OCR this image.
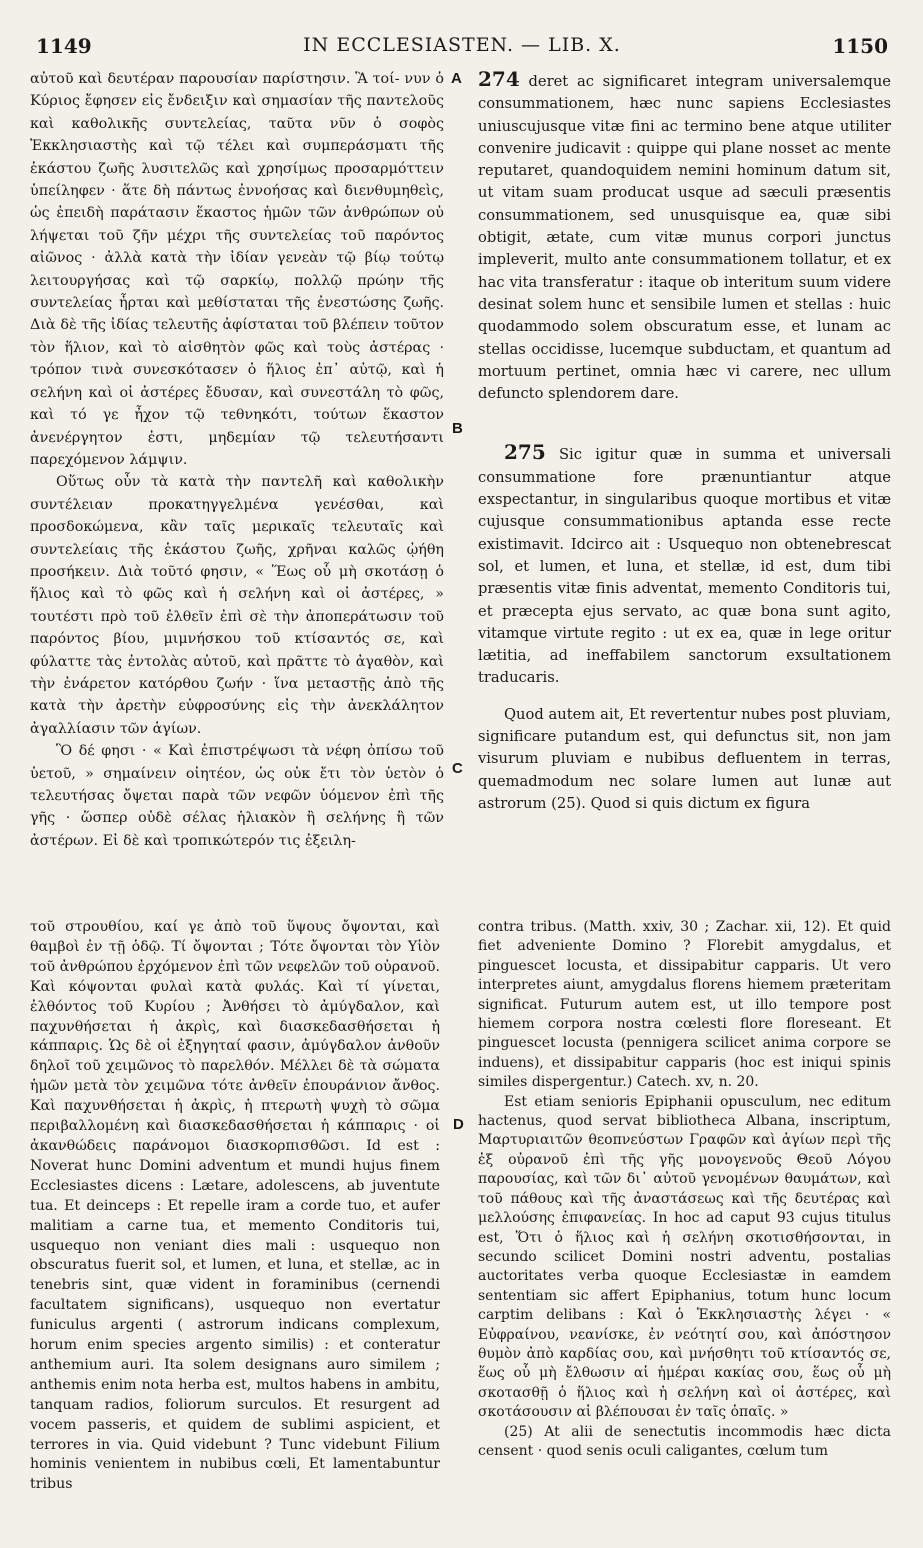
1149	IN ECCLESIASTEN. — LIB. X.	1150
A
B
C
D

αὐτοῦ καὶ δευτέραν παρουσίαν παρίστησιν. Ἃ τοί- νυν ὁ Κύριος ἔφησεν εἰς ἔνδειξιν καὶ σημασίαν τῆς παντελοῦς καὶ καθολικῆς συντελείας, ταῦτα νῦν ὁ σοφὸς Ἐκκλησιαστὴς καὶ τῷ τέλει καὶ συμπεράσματι τῆς ἑκάστου ζωῆς λυσιτελῶς καὶ χρησίμως προσαρμόττειν ὑπείληφεν · ἅτε δὴ πάντως ἐννοήσας καὶ διενθυμηθεὶς, ὡς ἐπειδὴ παράτασιν ἕκαστος ἡμῶν τῶν ἀνθρώπων οὐ λήψεται τοῦ ζῆν μέχρι τῆς συντελείας τοῦ παρόντος αἰῶνος · ἀλλὰ κατὰ τὴν ἰδίαν γενεὰν τῷ βίῳ τούτῳ λειτουργήσας καὶ τῷ σαρκίῳ, πολλῷ πρώην τῆς συντελείας ἦρται καὶ μεθίσταται τῆς ἐνεστώσης ζωῆς. Διὰ δὲ τῆς ἰδίας τελευτῆς ἀφίσταται τοῦ βλέπειν τοῦτον τὸν ἥλιον, καὶ τὸ αἰσθητὸν φῶς καὶ τοὺς ἀστέρας · τρόπον τινὰ συνεσκότασεν ὁ ἥλιος ἐπ᾽ αὐτῷ, καὶ ἡ σελήνη καὶ οἱ ἀστέρες ἔδυσαν, καὶ συνεστάλη τὸ φῶς, καὶ τό γε ἦχον τῷ τεθνηκότι, τούτων ἕκαστον ἀνενέργητον ἐστι, μηδεμίαν τῷ τελευτήσαντι παρεχόμενον λάμψιν.

Οὕτως οὖν τὰ κατὰ τὴν παντελῆ καὶ καθολικὴν συντέλειαν προκατηγγελμένα γενέσθαι, καὶ προσδοκώμενα, κἂν ταῖς μερικαῖς τελευταῖς καὶ συντελείαις τῆς ἑκάστου ζωῆς, χρῆναι καλῶς ᾠήθη προσήκειν. Διὰ τοῦτό φησιν, « Ἕως οὗ μὴ σκοτάσῃ ὁ ἥλιος καὶ τὸ φῶς καὶ ἡ σελήνη καὶ οἱ ἀστέρες, » τουτέστι πρὸ τοῦ ἐλθεῖν ἐπὶ σὲ τὴν ἀποπεράτωσιν τοῦ παρόντος βίου, μιμνήσκου τοῦ κτίσαντός σε, καὶ φύλαττε τὰς ἐντολὰς αὐτοῦ, καὶ πρᾶττε τὸ ἀγαθὸν, καὶ τὴν ἐνάρετον κατόρθου ζωήν · ἵνα μεταστῇς ἀπὸ τῆς κατὰ τὴν ἀρετὴν εὐφροσύνης εἰς τὴν ἀνεκλάλητον ἀγαλλίασιν τῶν ἁγίων.

Ὃ δέ φησι · « Καὶ ἐπιστρέψωσι τὰ νέφη ὀπίσω τοῦ ὑετοῦ, » σημαίνειν οἰητέον, ὡς οὐκ ἔτι τὸν ὑετὸν ὁ τελευτήσας ὄψεται παρὰ τῶν νεφῶν ὑόμενον ἐπὶ τῆς γῆς · ὥσπερ οὐδὲ σέλας ἡλιακὸν ἢ σελήνης ἢ τῶν ἀστέρων. Εἰ δὲ καὶ τροπικώτερόν τις ἐξειλη-

274 deret ac significaret integram universalemque consummationem, hæc nunc sapiens Ecclesiastes uniuscujusque vitæ fini ac termino bene atque utiliter convenire judicavit : quippe qui plane nosset ac mente reputaret, quandoquidem nemini hominum datum sit, ut vitam suam producat usque ad sæculi præsentis consummationem, sed unusquisque ea, quæ sibi obtigit, ætate, cum vitæ munus corpori junctus impleverit, multo ante consummationem tollatur, et ex hac vita transferatur : itaque ob interitum suum videre desinat solem hunc et sensibile lumen et stellas : huic quodammodo solem obscuratum esse, et lunam ac stellas occidisse, lucemque subductam, et quantum ad mortuum pertinet, omnia hæc vi carere, nec ullum defuncto splendorem dare.

275 Sic igitur quæ in summa et universali consummatione fore prænuntiantur atque exspectantur, in singularibus quoque mortibus et vitæ cujusque consummationibus aptanda esse recte existimavit. Idcirco ait : Usquequo non obtenebrescat sol, et lumen, et luna, et stellæ, id est, dum tibi præsentis vitæ finis adventat, memento Conditoris tui, et præcepta ejus servato, ac quæ bona sunt agito, vitamque virtute regito : ut ex ea, quæ in lege oritur lætitia, ad ineffabilem sanctorum exsultationem traducaris.

Quod autem ait, Et revertentur nubes post pluviam, significare putandum est, qui defunctus sit, non jam visurum pluviam e nubibus defluentem in terras, quemadmodum nec solare lumen aut lunæ aut astrorum (25). Quod si quis dictum ex figura

τοῦ στρουθίου, καί γε ἀπὸ τοῦ ὕψους ὄψονται, καὶ θαμβοὶ ἐν τῇ ὁδῷ. Τί ὄψονται ; Τότε ὄψονται τὸν Υἱὸν τοῦ ἀνθρώπου ἐρχόμενον ἐπὶ τῶν νεφελῶν τοῦ οὐρανοῦ. Καὶ κόψονται φυλαὶ κατὰ φυλάς. Καὶ τί γίνεται, ἐλθόντος τοῦ Κυρίου ; Ἀνθήσει τὸ ἀμύγδαλον, καὶ παχυνθήσεται ἡ ἀκρὶς, καὶ διασκεδασθήσεται ἡ κάππαρις. Ὡς δὲ οἱ ἐξηγηταί φασιν, ἀμύγδαλον ἀνθοῦν δηλοῖ τοῦ χειμῶνος τὸ παρελθόν. Μέλλει δὲ τὰ σώματα ἡμῶν μετὰ τὸν χειμῶνα τότε ἀνθεῖν ἐπουράνιον ἄνθος. Καὶ παχυνθήσεται ἡ ἀκρὶς, ἡ πτερωτὴ ψυχὴ τὸ σῶμα περιβαλλομένη καὶ διασκεδασθήσεται ἡ κάππαρις · οἱ ἀκανθώδεις παράνομοι διασκορπισθῶσι. Id est : Noverat hunc Domini adventum et mundi hujus finem Ecclesiastes dicens : Lætare, adolescens, ab juventute tua. Et deinceps : Et repelle iram a corde tuo, et aufer malitiam a carne tua, et memento Conditoris tui, usquequo non veniant dies mali : usquequo non obscuratus fuerit sol, et lumen, et luna, et stellæ, ac in tenebris sint, quæ vident in foraminibus (cernendi facultatem significans), usquequo non evertatur funiculus argenti ( astrorum indicans complexum, horum enim species argento similis) : et conteratur anthemium auri. Ita solem designans auro similem ; anthemis enim nota herba est, multos habens in ambitu, tanquam radios, foliorum surculos. Et resurgent ad vocem passeris, et quidem de sublimi aspicient, et terrores in via. Quid videbunt ? Tunc videbunt Filium hominis venientem in nubibus cœli, Et lamentabuntur tribus

contra tribus. (Matth. xxiv, 30 ; Zachar. xii, 12). Et quid fiet adveniente Domino ? Florebit amygdalus, et pinguescet locusta, et dissipabitur capparis. Ut vero interpretes aiunt, amygdalus florens hiemem præteritam significat. Futurum autem est, ut illo tempore post hiemem corpora nostra cœlesti flore floreseant. Et pinguescet locusta (pennigera scilicet anima corpore se induens), et dissipabitur capparis (hoc est iniqui spinis similes dispergentur.) Catech. xv, n. 20.

Est etiam senioris Epiphanii opusculum, nec editum hactenus, quod servat bibliotheca Albana, inscriptum, Μαρτυριαιτῶν θεοπνεύστων Γραφῶν καὶ ἁγίων περὶ τῆς ἐξ οὐρανοῦ ἐπὶ τῆς γῆς μονογενοῦς Θεοῦ Λόγου παρουσίας, καὶ τῶν δι᾽ αὐτοῦ γενομένων θαυμάτων, καὶ τοῦ πάθους καὶ τῆς ἀναστάσεως καὶ τῆς δευτέρας καὶ μελλούσης ἐπιφανείας. In hoc ad caput 93 cujus titulus est, Ὅτι ὁ ἥλιος καὶ ἡ σελήνη σκοτισθήσονται, in secundo scilicet Domini nostri adventu, postalias auctoritates verba quoque Ecclesiastæ in eamdem sententiam sic affert Epiphanius, totum hunc locum carptim delibans : Καὶ ὁ Ἐκκλησιαστὴς λέγει · « Εὐφραίνου, νεανίσκε, ἐν νεότητί σου, καὶ ἀπόστησον θυμὸν ἀπὸ καρδίας σου, καὶ μνήσθητι τοῦ κτίσαντός σε, ἕως οὗ μὴ ἔλθωσιν αἱ ἡμέραι κακίας σου, ἕως οὗ μὴ σκοτασθῇ ὁ ἥλιος καὶ ἡ σελήνη καὶ οἱ ἀστέρες, καὶ σκοτάσουσιν αἱ βλέπουσαι ἐν ταῖς ὀπαῖς. »

(25) At alii de senectutis incommodis hæc dicta censent · quod senis oculi caligantes, cœlum tum
